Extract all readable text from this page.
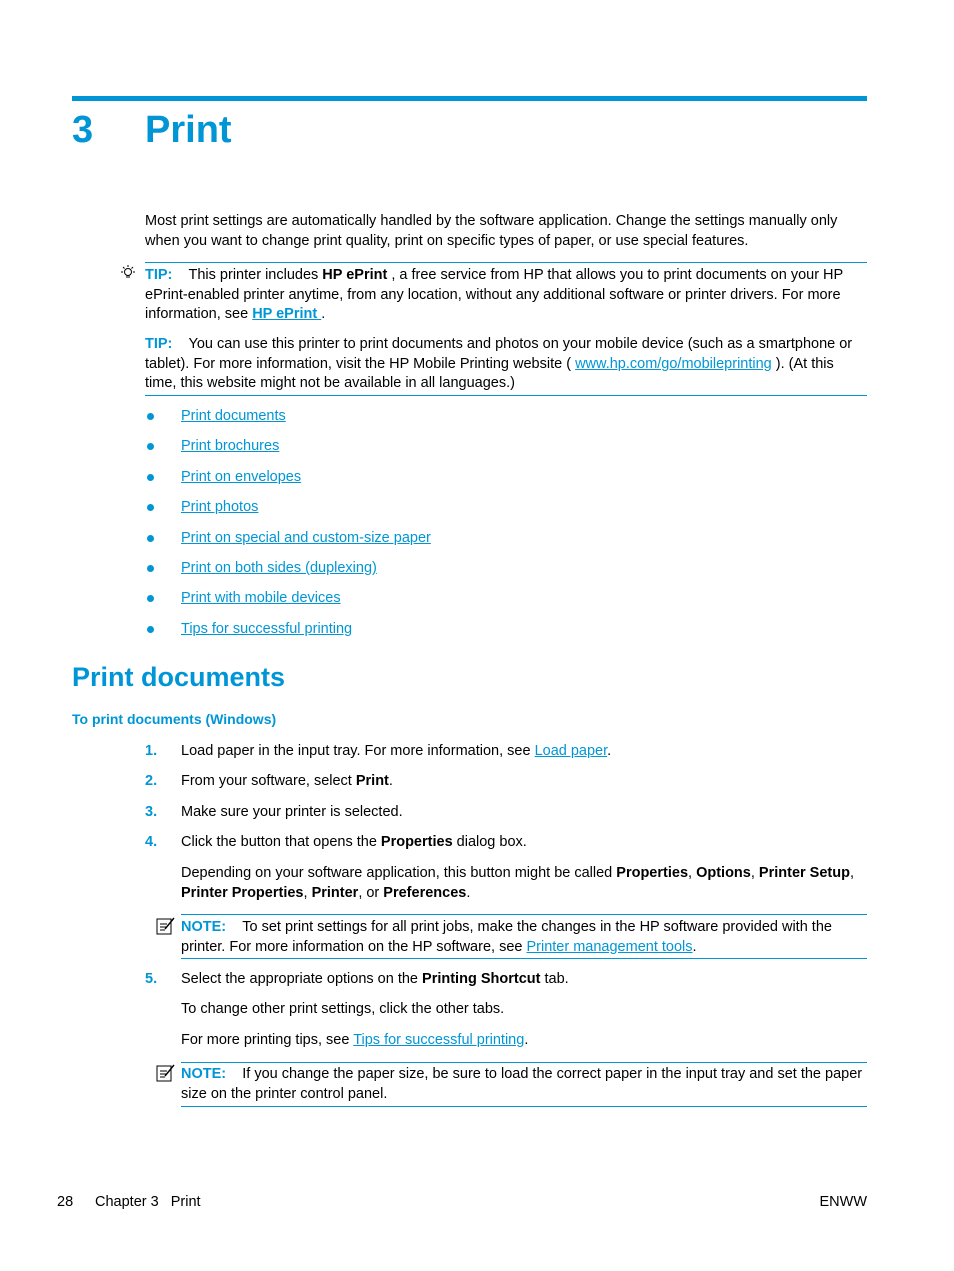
3 Print
Most print settings are automatically handled by the software application. Change the settings manually only when you want to change print quality, print on specific types of paper, or use special features.
TIP: This printer includes HP ePrint , a free service from HP that allows you to print documents on your HP ePrint-enabled printer anytime, from any location, without any additional software or printer drivers. For more information, see HP ePrint .
TIP: You can use this printer to print documents and photos on your mobile device (such as a smartphone or tablet). For more information, visit the HP Mobile Printing website ( www.hp.com/go/mobileprinting ). (At this time, this website might not be available in all languages.)
Print documents
Print brochures
Print on envelopes
Print photos
Print on special and custom-size paper
Print on both sides (duplexing)
Print with mobile devices
Tips for successful printing
Print documents
To print documents (Windows)
1. Load paper in the input tray. For more information, see Load paper.
2. From your software, select Print.
3. Make sure your printer is selected.
4. Click the button that opens the Properties dialog box.
Depending on your software application, this button might be called Properties, Options, Printer Setup, Printer Properties, Printer, or Preferences.
NOTE: To set print settings for all print jobs, make the changes in the HP software provided with the printer. For more information on the HP software, see Printer management tools.
5. Select the appropriate options on the Printing Shortcut tab.
To change other print settings, click the other tabs.
For more printing tips, see Tips for successful printing.
NOTE: If you change the paper size, be sure to load the correct paper in the input tray and set the paper size on the printer control panel.
28 Chapter 3   Print	ENWW
